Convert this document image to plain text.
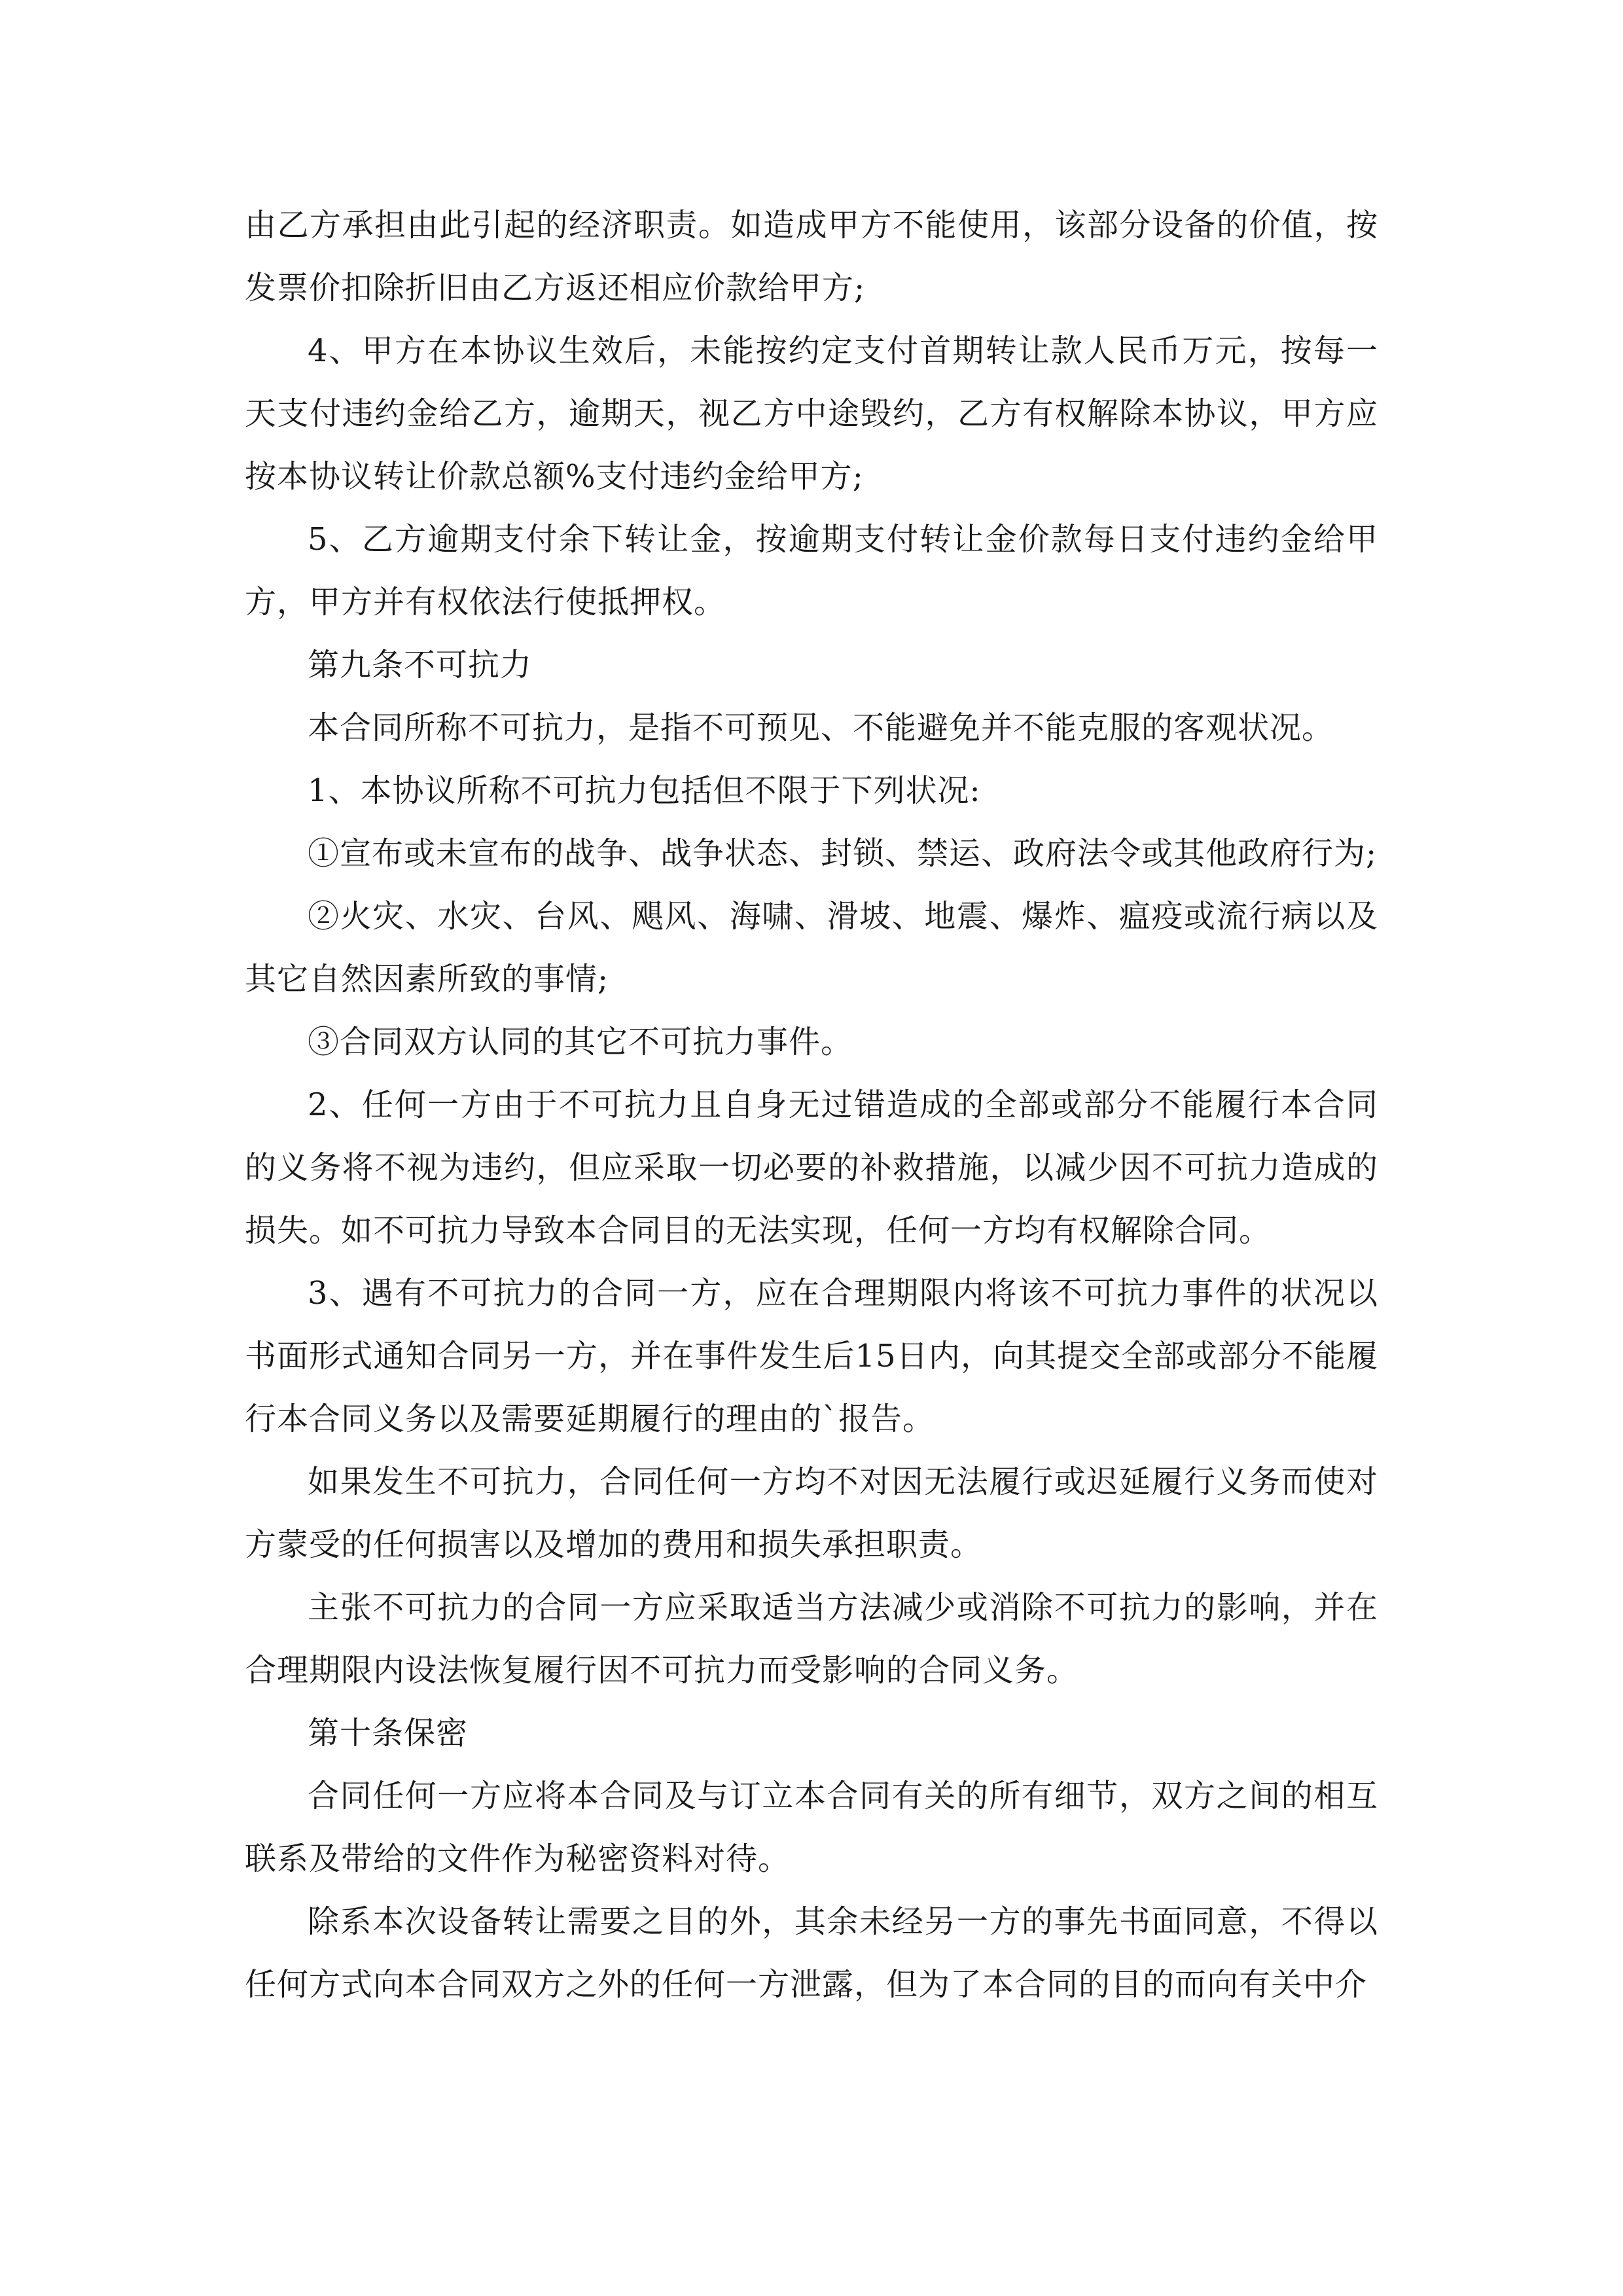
由乙方承担由此引起的经济职责。如造成甲方不能使用，该部分设备的价值，按发票价扣除折旧由乙方返还相应价款给甲方;

4、甲方在本协议生效后，未能按约定支付首期转让款人民币万元，按每一天支付违约金给乙方，逾期天，视乙方中途毁约，乙方有权解除本协议，甲方应按本协议转让价款总额%支付违约金给甲方;

5、乙方逾期支付余下转让金，按逾期支付转让金价款每日支付违约金给甲方，甲方并有权依法行使抵押权。

第九条不可抗力

本合同所称不可抗力，是指不可预见、不能避免并不能克服的客观状况。

1、本协议所称不可抗力包括但不限于下列状况:

①宣布或未宣布的战争、战争状态、封锁、禁运、政府法令或其他政府行为;

②火灾、水灾、台风、飓风、海啸、滑坡、地震、爆炸、瘟疫或流行病以及其它自然因素所致的事情;

③合同双方认同的其它不可抗力事件。

2、任何一方由于不可抗力且自身无过错造成的全部或部分不能履行本合同的义务将不视为违约，但应采取一切必要的补救措施，以减少因不可抗力造成的损失。如不可抗力导致本合同目的无法实现，任何一方均有权解除合同。

3、遇有不可抗力的合同一方，应在合理期限内将该不可抗力事件的状况以书面形式通知合同另一方，并在事件发生后15日内，向其提交全部或部分不能履行本合同义务以及需要延期履行的理由的`报告。

如果发生不可抗力，合同任何一方均不对因无法履行或迟延履行义务而使对方蒙受的任何损害以及增加的费用和损失承担职责。

主张不可抗力的合同一方应采取适当方法减少或消除不可抗力的影响，并在合理期限内设法恢复履行因不可抗力而受影响的合同义务。

第十条保密

合同任何一方应将本合同及与订立本合同有关的所有细节，双方之间的相互联系及带给的文件作为秘密资料对待。

除系本次设备转让需要之目的外，其余未经另一方的事先书面同意，不得以任何方式向本合同双方之外的任何一方泄露，但为了本合同的目的而向有关中介
